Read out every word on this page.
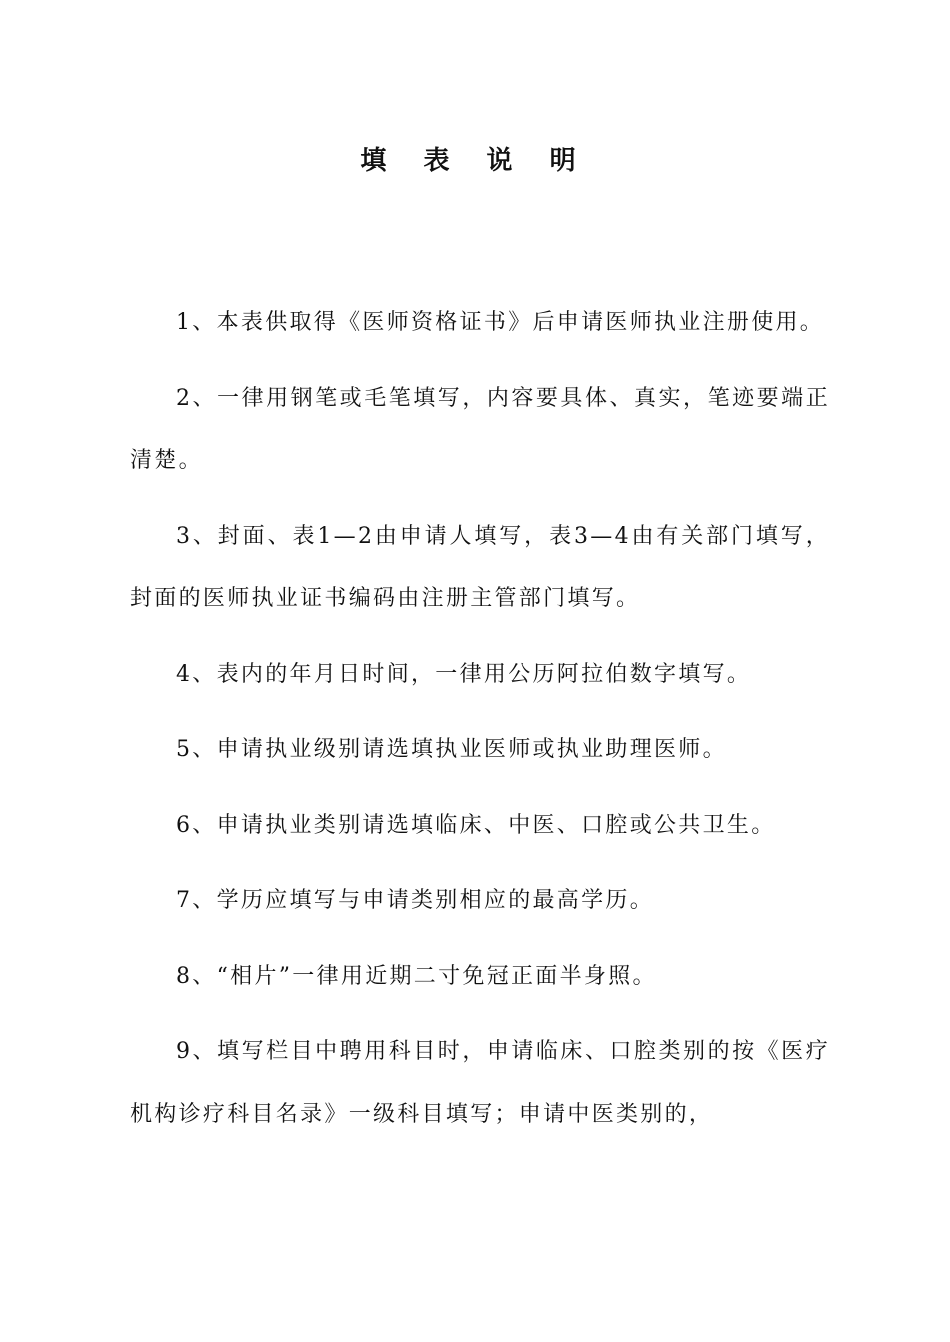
填 表 说 明

1、本表供取得《医师资格证书》后申请医师执业注册使用。

2、一律用钢笔或毛笔填写，内容要具体、真实，笔迹要端正清楚。

3、封面、表1—2由申请人填写，表3—4由有关部门填写，封面的医师执业证书编码由注册主管部门填写。

4、表内的年月日时间，一律用公历阿拉伯数字填写。

5、申请执业级别请选填执业医师或执业助理医师。

6、申请执业类别请选填临床、中医、口腔或公共卫生。

7、学历应填写与申请类别相应的最高学历。

8、“相片”一律用近期二寸免冠正面半身照。

9、填写栏目中聘用科目时，申请临床、口腔类别的按《医疗机构诊疗科目名录》一级科目填写；申请中医类别的，
